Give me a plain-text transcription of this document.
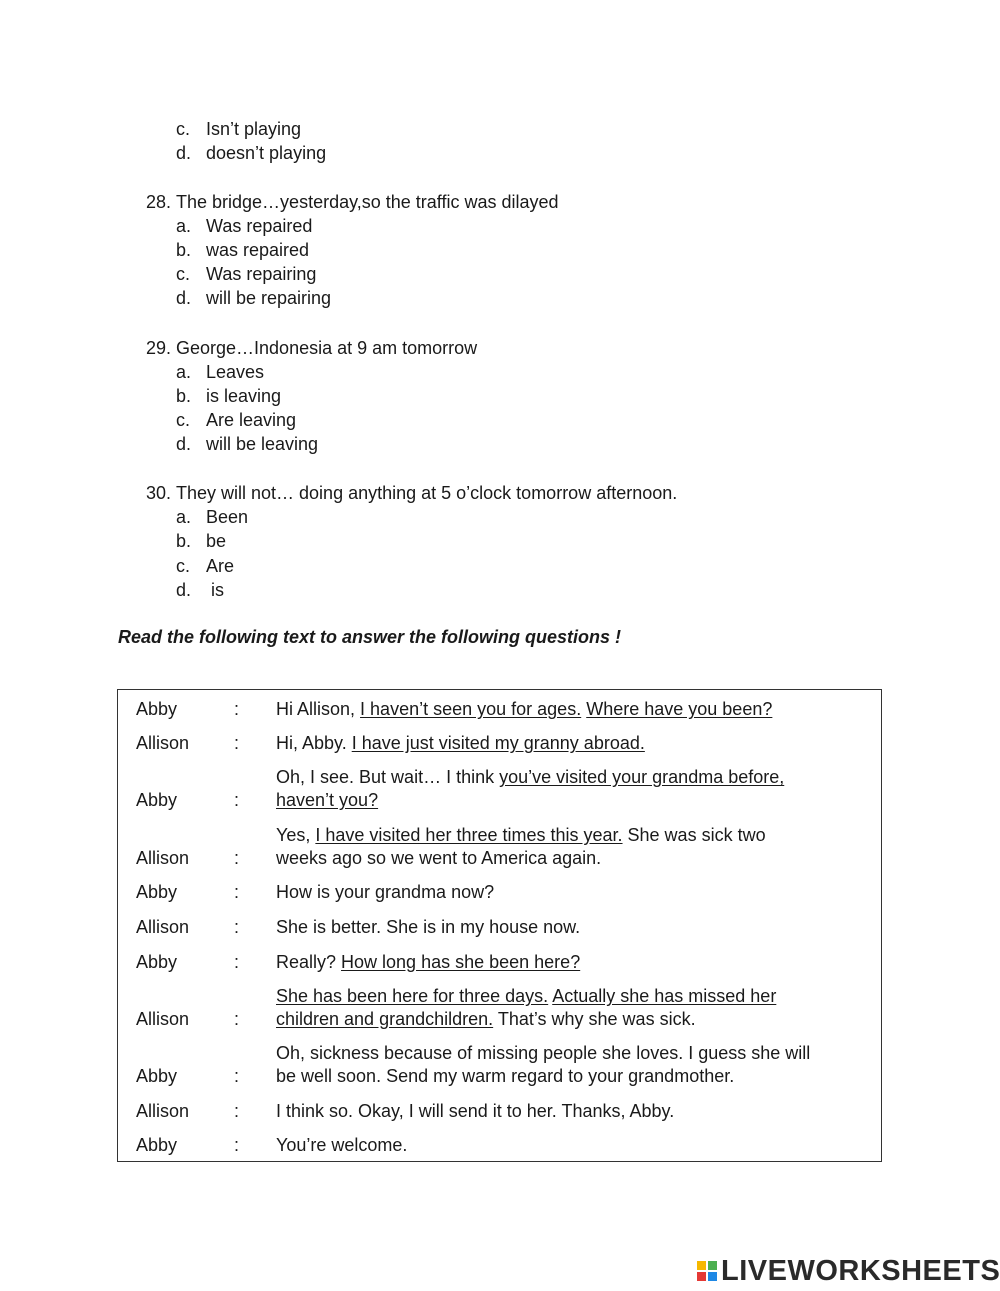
c. Isn’t playing
d. doesn’t playing
28. The bridge…yesterday,so the traffic was dilayed
a. Was repaired
b. was repaired
c. Was repairing
d. will be repairing
29. George…Indonesia at 9 am tomorrow
a. Leaves
b. is leaving
c. Are leaving
d. will be leaving
30. They will not… doing anything at 5 o’clock tomorrow afternoon.
a. Been
b. be
c. Are
d. is
Read the following text to answer the following questions !
Abby	: Hi Allison, I haven’t seen you for ages. Where have you been?
Allison : Hi, Abby. I have just visited my granny abroad.
Abby	:
Oh, I see. But wait… I think you’ve visited your grandma before,
haven’t you?
Allison :
Yes, I have visited her three times this year. She was sick two
weeks ago so we went to America again.
Abby	: How is your grandma now?
Allison : She is better. She is in my house now.
Abby	: Really? How long has she been here?
Allison :
She has been here for three days. Actually she has missed her
children and grandchildren. That’s why she was sick.
Abby	:
Oh, sickness because of missing people she loves. I guess she will
be well soon. Send my warm regard to your grandmother.
Allison : I think so. Okay, I will send it to her. Thanks, Abby.
Abby	: You’re welcome.
LIVEWORKSHEETS
